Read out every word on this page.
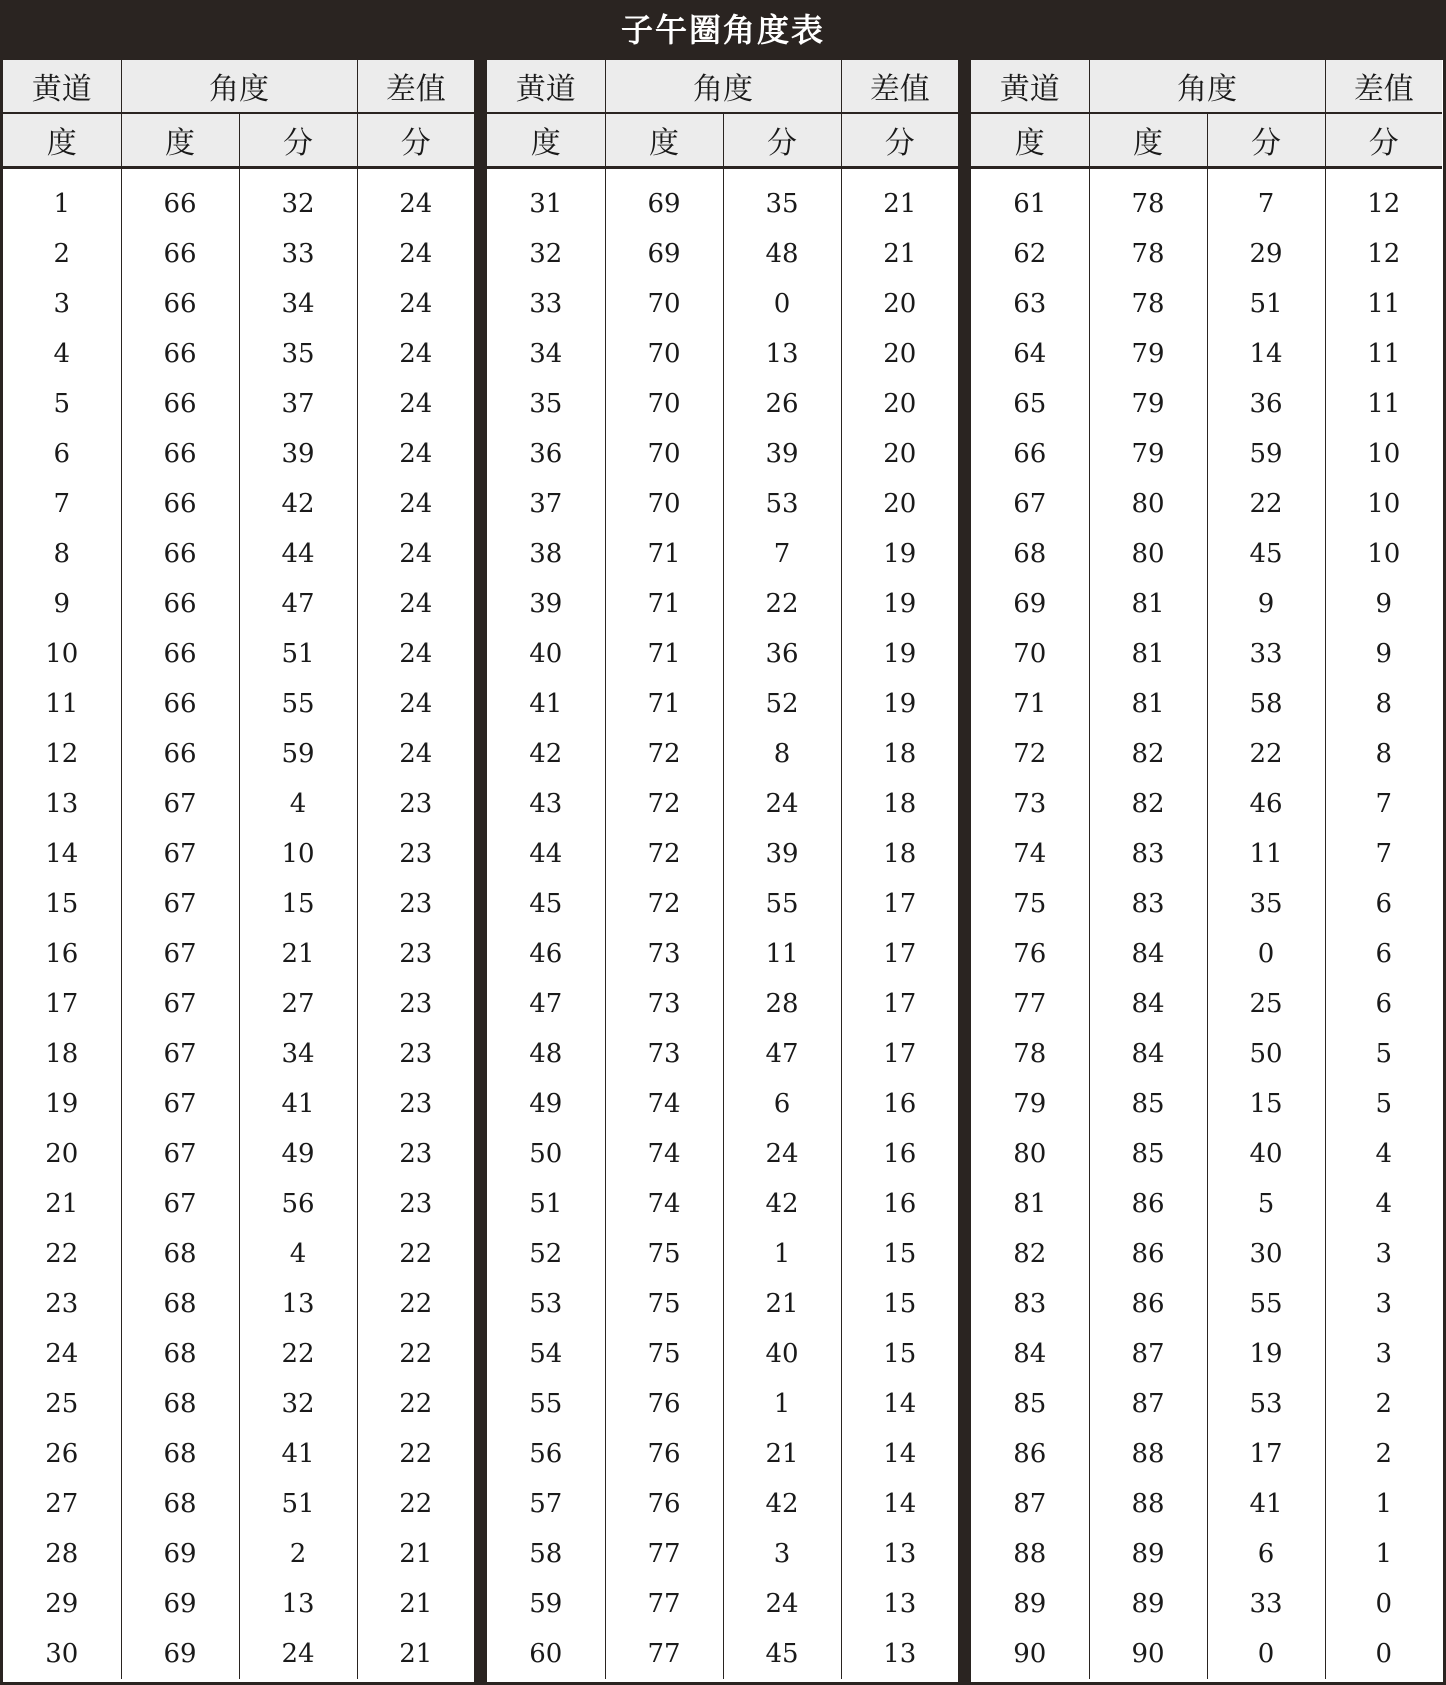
子午圈角度表
黄道	角度		差值
度	度	分	分
1	66	32	24
2	66	33	24
3	66	34	24
4	66	35	24
5	66	37	24
6	66	39	24
7	66	42	24
8	66	44	24
9	66	47	24
10	66	51	24
11	66	55	24
12	66	59	24
13	67	4	23
14	67	10	23
15	67	15	23
16	67	21	23
17	67	27	23
18	67	34	23
19	67	41	23
20	67	49	23
21	67	56	23
22	68	4	22
23	68	13	22
24	68	22	22
25	68	32	22
26	68	41	22
27	68	51	22
28	69	2	21
29	69	13	21
30	69	24	21
黄道	角度		差值
度	度	分	分
31	69	35	21
32	69	48	21
33	70	0	20
34	70	13	20
35	70	26	20
36	70	39	20
37	70	53	20
38	71	7	19
39	71	22	19
40	71	36	19
41	71	52	19
42	72	8	18
43	72	24	18
44	72	39	18
45	72	55	17
46	73	11	17
47	73	28	17
48	73	47	17
49	74	6	16
50	74	24	16
51	74	42	16
52	75	1	15
53	75	21	15
54	75	40	15
55	76	1	14
56	76	21	14
57	76	42	14
58	77	3	13
59	77	24	13
60	77	45	13
黄道	角度		差值
度	度	分	分
61	78	7	12
62	78	29	12
63	78	51	11
64	79	14	11
65	79	36	11
66	79	59	10
67	80	22	10
68	80	45	10
69	81	9	9
70	81	33	9
71	81	58	8
72	82	22	8
73	82	46	7
74	83	11	7
75	83	35	6
76	84	0	6
77	84	25	6
78	84	50	5
79	85	15	5
80	85	40	4
81	86	5	4
82	86	30	3
83	86	55	3
84	87	19	3
85	87	53	2
86	88	17	2
87	88	41	1
88	89	6	1
89	89	33	0
90	90	0	0
